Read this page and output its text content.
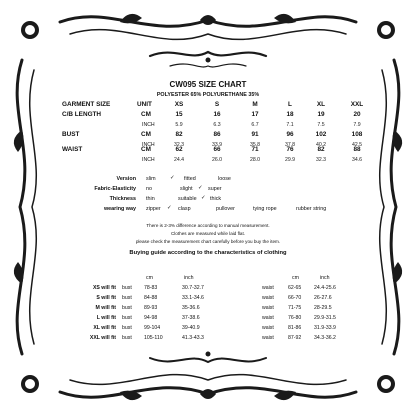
CW095 SIZE CHART
POLYESTER 65% POLYURETHANE 35%
GARMENT SIZE	UNIT	XS	S	M	L	XL	XXL
C/B LENGTH	CM	15	16	17	18	19	20
INCH	5.9	6.3	6.7	7.1	7.5	7.9
BUST	CM	82	86	91	96	102	108
INCH	32.3	33.9	35.8	37.8	40.2	42.5
WAIST	CM	62	66	71	76	82	88
INCH	24.4	26.0	28.0	29.9	32.3	34.6
Version slim	✓ fitted	loose
Fabric-Elasticity no	slight ✓ super
Thickness thin	suitable ✓ thick
wearing way zipper ✓ clasp	pullover	tying rope	rubber string
There is 2-3% difference according to manual measurement.
Clothes are measured while laid flat.
please check the measurement chart carefully before you buy the item.
Buying guide according to the characteristics of clothing
cm	inch	cm	inch
XS will fit bust 78-83	30.7-32.7	waist	62-65 24.4-25.6
S will fit bust 84-88	33.1-34.6	waist	66-70 26-27.6
M will fit bust 89-93	35-36.6	waist	71-75 28-29.5
L will fit bust 94-98	37-38.6	waist	76-80 29.9-31.5
XL will fit bust 99-104	39-40.9	waist	81-86 31.9-33.9
XXL will fit bust 105-110	41.3-43.3	waist	87-92 34.3-36.2
